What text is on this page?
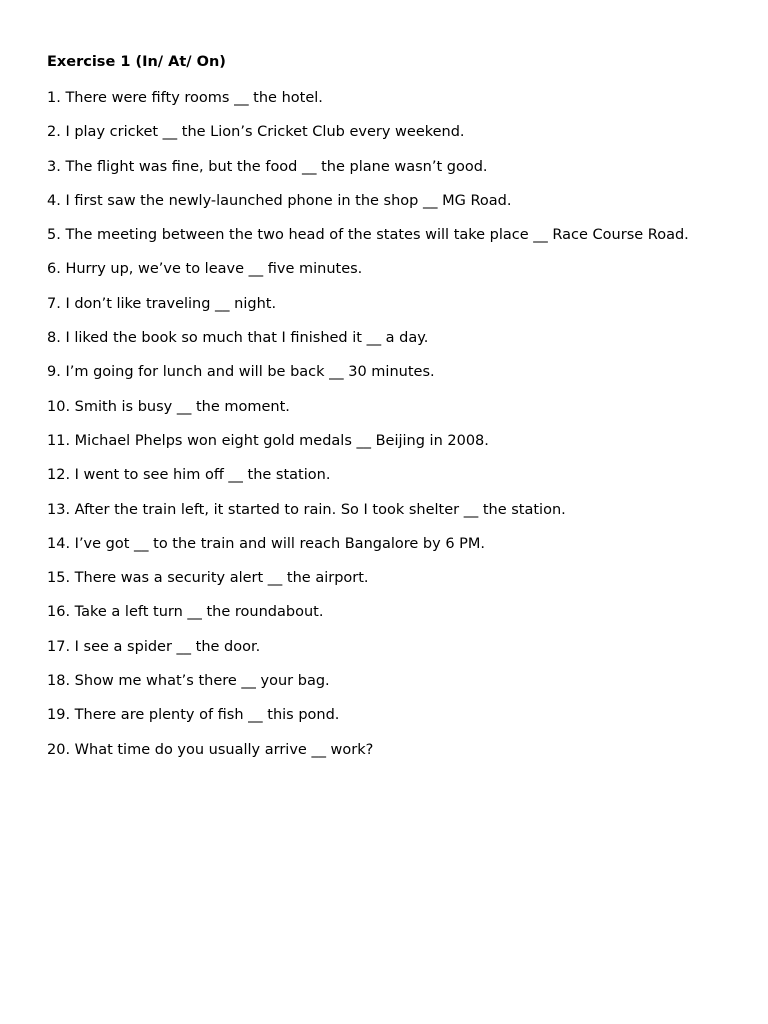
Exercise 1 (In/ At/ On)
1. There were fifty rooms __ the hotel.
2. I play cricket __ the Lion’s Cricket Club every weekend.
3. The flight was fine, but the food __ the plane wasn’t good.
4. I first saw the newly-launched phone in the shop __ MG Road.
5. The meeting between the two head of the states will take place __ Race Course Road.
6. Hurry up, we’ve to leave __ five minutes.
7. I don’t like traveling __ night.
8. I liked the book so much that I finished it __ a day.
9. I’m going for lunch and will be back __ 30 minutes.
10. Smith is busy __ the moment.
11. Michael Phelps won eight gold medals __ Beijing in 2008.
12. I went to see him off __ the station.
13. After the train left, it started to rain. So I took shelter __ the station.
14. I’ve got __ to the train and will reach Bangalore by 6 PM.
15. There was a security alert __ the airport.
16. Take a left turn __ the roundabout.
17. I see a spider __ the door.
18. Show me what’s there __ your bag.
19. There are plenty of fish __ this pond.
20. What time do you usually arrive __ work?
